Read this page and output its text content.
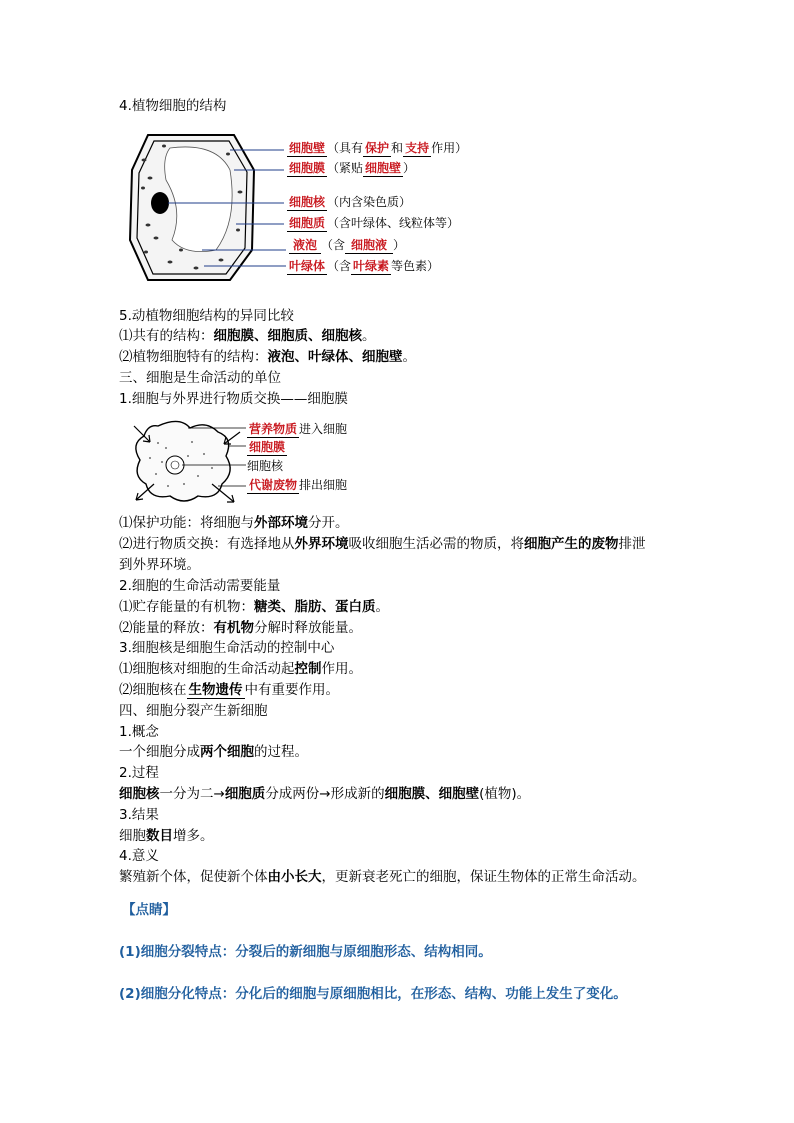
4.植物细胞的结构
细胞壁 （具有 保护 和 支持 作用）
细胞膜 （紧贴 细胞壁 ）
细胞核 （内含染色质）
细胞质 （含叶绿体、线粒体等）
液泡 （含 细胞液 ）
叶绿体 （含 叶绿素 等色素）
5.动植物细胞结构的异同比较
⑴共有的结构：细胞膜、细胞质、细胞核。
⑵植物细胞特有的结构：液泡、叶绿体、细胞壁。
三、细胞是生命活动的单位
1.细胞与外界进行物质交换——细胞膜
营养物质 进入细胞
细胞膜
细胞核
代谢废物 排出细胞
⑴保护功能：将细胞与外部环境分开。
⑵进行物质交换：有选择地从外界环境吸收细胞生活必需的物质，将细胞产生的废物排泄
到外界环境。
2.细胞的生命活动需要能量
⑴贮存能量的有机物：糖类、脂肪、蛋白质。
⑵能量的释放：有机物分解时释放能量。
3.细胞核是细胞生命活动的控制中心
⑴细胞核对细胞的生命活动起控制作用。
⑵细胞核在 生物遗传 中有重要作用。
四、细胞分裂产生新细胞
1.概念
一个细胞分成两个细胞的过程。
2.过程
细胞核一分为二→细胞质分成两份→形成新的细胞膜、细胞壁(植物)。
3.结果
细胞数目增多。
4.意义
繁殖新个体，促使新个体由小长大，更新衰老死亡的细胞，保证生物体的正常生命活动。
【点睛】
(1)细胞分裂特点：分裂后的新细胞与原细胞形态、结构相同。
(2)细胞分化特点：分化后的细胞与原细胞相比，在形态、结构、功能上发生了变化。
